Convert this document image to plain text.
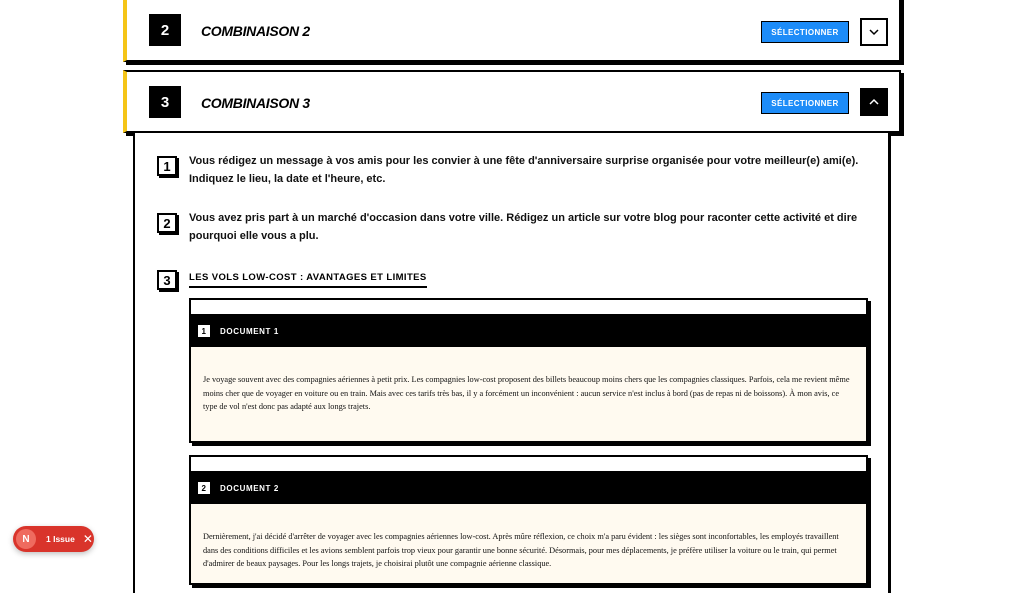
2	COMBINAISON 2	SÉLECTIONNER
3	COMBINAISON 3	SÉLECTIONNER
1	Vous rédigez un message à vos amis pour les convier à une fête d'anniversaire surprise organisée pour votre meilleur(e) ami(e). Indiquez le lieu, la date et l'heure, etc.
2	Vous avez pris part à un marché d'occasion dans votre ville. Rédigez un article sur votre blog pour raconter cette activité et dire pourquoi elle vous a plu.
3	LES VOLS LOW-COST : AVANTAGES ET LIMITES
1	DOCUMENT 1
Je voyage souvent avec des compagnies aériennes à petit prix. Les compagnies low-cost proposent des billets beaucoup moins chers que les compagnies classiques. Parfois, cela me revient même moins cher que de voyager en voiture ou en train. Mais avec ces tarifs très bas, il y a forcément un inconvénient : aucun service n'est inclus à bord (pas de repas ni de boissons). À mon avis, ce type de vol n'est donc pas adapté aux longs trajets.
2	DOCUMENT 2
Dernièrement, j'ai décidé d'arrêter de voyager avec les compagnies aériennes low-cost. Après mûre réflexion, ce choix m'a paru évident : les sièges sont inconfortables, les employés travaillent dans des conditions difficiles et les avions semblent parfois trop vieux pour garantir une bonne sécurité. Désormais, pour mes déplacements, je préfère utiliser la voiture ou le train, qui permet d'admirer de beaux paysages. Pour les longs trajets, je choisirai plutôt une compagnie aérienne classique.
N	1 Issue ✕
